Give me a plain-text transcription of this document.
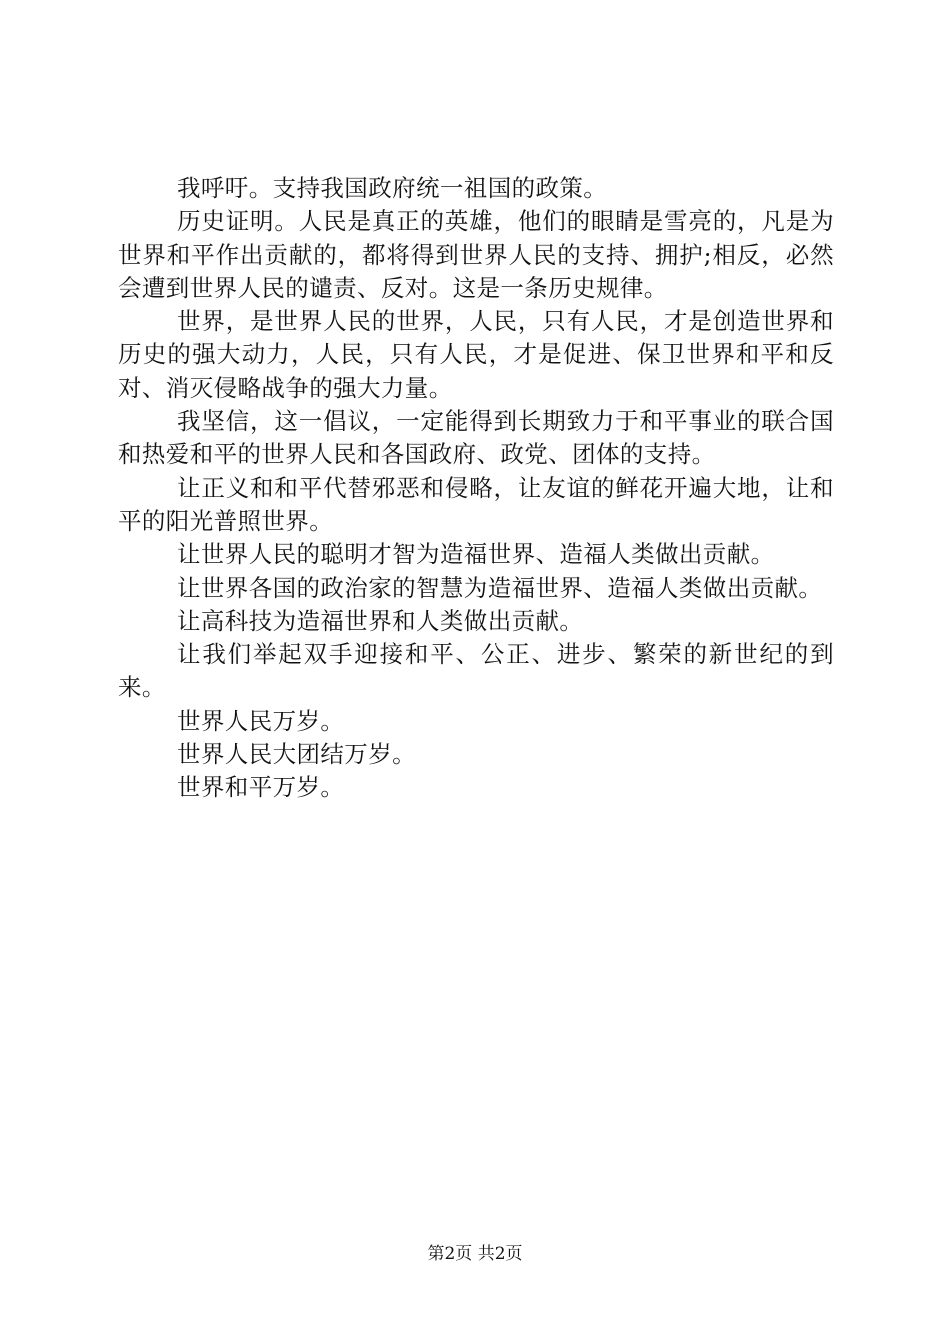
我呼吁。支持我国政府统一祖国的政策。

历史证明。人民是真正的英雄，他们的眼睛是雪亮的，凡是为世界和平作出贡献的，都将得到世界人民的支持、拥护;相反，必然会遭到世界人民的谴责、反对。这是一条历史规律。

世界，是世界人民的世界，人民，只有人民，才是创造世界和历史的强大动力，人民，只有人民，才是促进、保卫世界和平和反对、消灭侵略战争的强大力量。

我坚信，这一倡议，一定能得到长期致力于和平事业的联合国和热爱和平的世界人民和各国政府、政党、团体的支持。

让正义和和平代替邪恶和侵略，让友谊的鲜花开遍大地，让和平的阳光普照世界。

让世界人民的聪明才智为造福世界、造福人类做出贡献。

让世界各国的政治家的智慧为造福世界、造福人类做出贡献。

让高科技为造福世界和人类做出贡献。

让我们举起双手迎接和平、公正、进步、繁荣的新世纪的到来。

世界人民万岁。

世界人民大团结万岁。

世界和平万岁。

第2页 共2页
